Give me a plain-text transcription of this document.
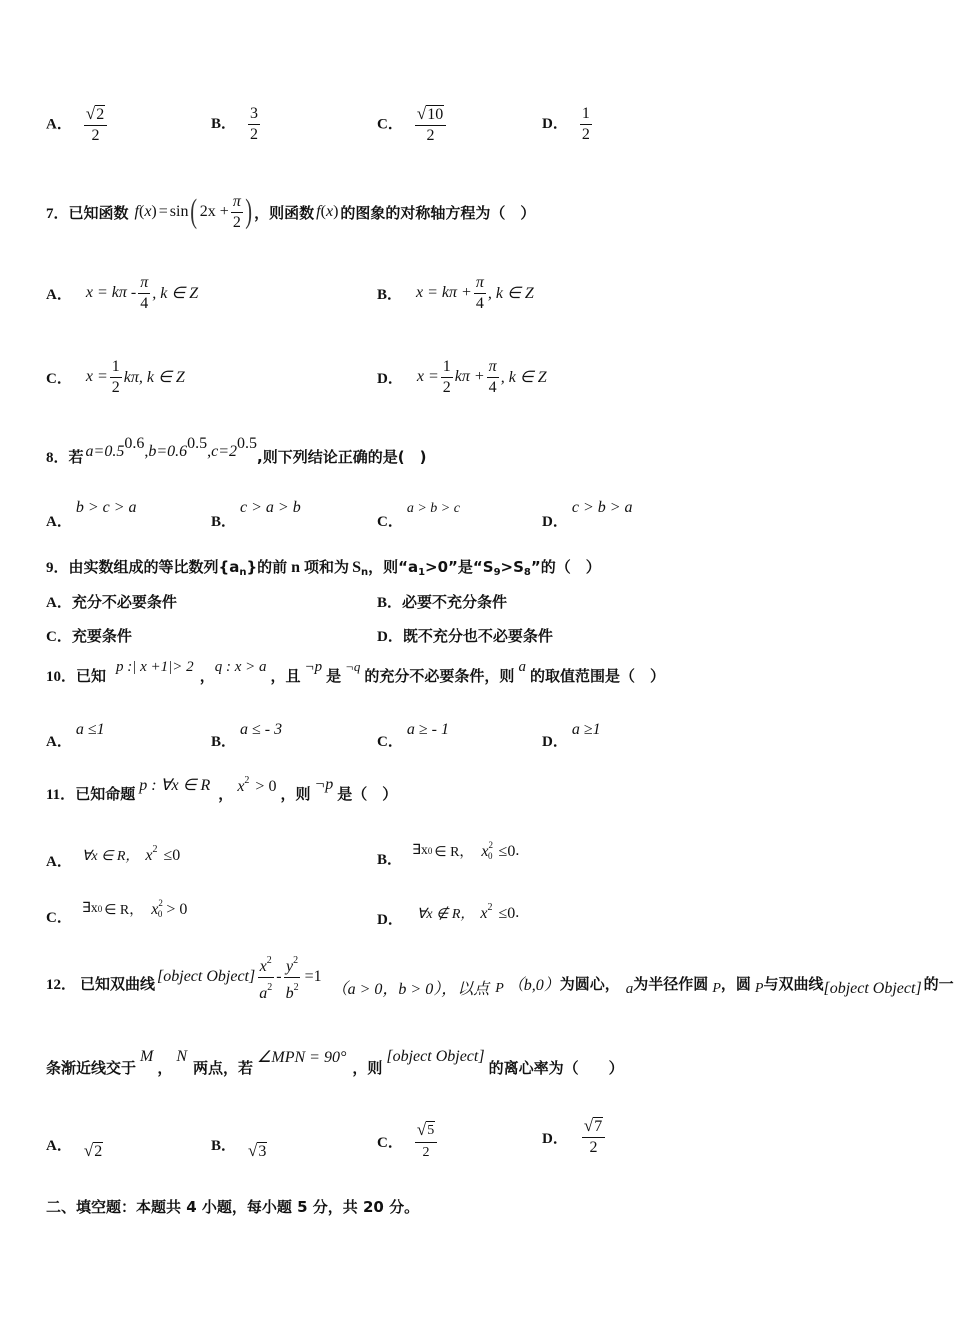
A． $\frac{√ 2}{2}$	B． $\frac{3}{2}$	C． $\frac{√ 10}{2}$	D． $\frac{1}{2}$
7． 已知函数 f ( x ) = sin ( $2x + \frac{\pi}{2}$ ) ，则函数 f(x) 的图象的对称轴方程为（　）
A． $x = k\pi - \frac{\pi}{4}$ , k ∈ Z	B． $x = k\pi + \frac{\pi}{4}$ , k ∈ Z
C． $x = \frac{1}{2} k\pi$, k ∈ Z	D． $x = \frac{1}{2}$ $k\pi + \frac{\pi}{4}$ , k ∈ Z
8． 若 $a=0.5^{0.6},b=0.6^{0.5},c=2^{0.5}$
,则下列结论正确的是(　)
A．b > c > a
B．c > a > b
C．a > b > c
D．c > b > a
9．由实数组成的等比数列$\{a_n\}$的前 n 项和为 $S_n$，则“$a_1>0$”是“$S_9>S_8$”的（　）
A．充分不必要条件	B．必要不充分条件
C．充要条件	D．既不充分也不必要条件
10． 已知 p :| x +1|> 2 ， q : x > a ，且 ¬p 是 ¬q 的充分不必要条件，则 a 的取值范围是（　）
A．a ≤1
B．a ≤ - 3
C．a ≥ - 1
D．a ≥1
11． 已知命题 p : ∀x ∈ R ， $x^2 > 0$ ，则 ¬p 是（　）
A． ∀x ∈ R， $x^2 \le 0$	B．
∃x 0 ∈ R， $x^2_0 \le 0$ .
C．
∃x 0 ∈ R， $x^2_0 > 0$
D． ∀x ∉ R， $x^2 \le 0$ .
12． 已知双曲线 [object Object] $\frac{x^2}{a^2} - \frac{y^2}{b^2} =1$
（a > 0，b > 0），以点 P （b,0） 为圆心， a 为半径作圆 P ，圆 P 与双曲线 [object Object] 的一
条渐近线交于
M
，
N
两点，若
∠MPN = 90°
，则
[object Object]
的离心率为（　　）
A． √ 2	B． √ 3	C． $\frac{√ 5}{2}$	D． $\frac{√ 7}{2}$
二、填空题：本题共 4 小题，每小题 5 分，共 20 分。
